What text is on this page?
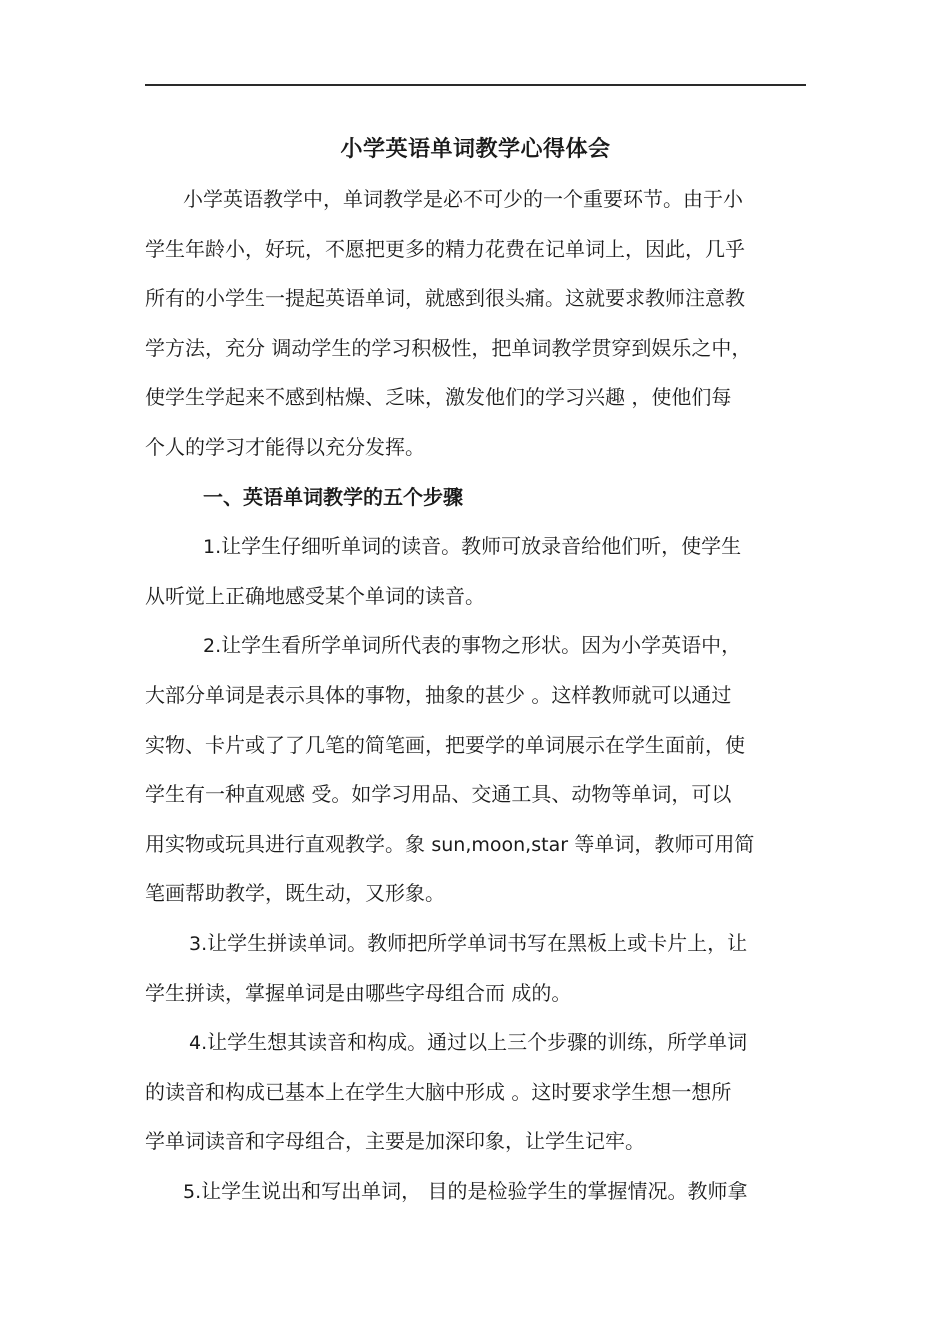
小学英语单词教学心得体会
小学英语教学中，单词教学是必不可少的一个重要环节。由于小
学生年龄小，好玩，不愿把更多的精力花费在记单词上，因此，几乎
所有的小学生一提起英语单词，就感到很头痛。这就要求教师注意教
学方法，充分 调动学生的学习积极性，把单词教学贯穿到娱乐之中，
使学生学起来不感到枯燥、乏味，激发他们的学习兴趣 ，使他们每
个人的学习才能得以充分发挥。
一、英语单词教学的五个步骤
1.让学生仔细听单词的读音。教师可放录音给他们听，使学生
从听觉上正确地感受某个单词的读音。
2.让学生看所学单词所代表的事物之形状。因为小学英语中，
大部分单词是表示具体的事物，抽象的甚少 。这样教师就可以通过
实物、卡片或了了几笔的简笔画，把要学的单词展示在学生面前，使
学生有一种直观感 受。如学习用品、交通工具、动物等单词，可以
用实物或玩具进行直观教学。象 sun,moon,star 等单词，教师可用简
笔画帮助教学，既生动，又形象。
3.让学生拼读单词。教师把所学单词书写在黑板上或卡片上，让
学生拼读，掌握单词是由哪些字母组合而 成的。
4.让学生想其读音和构成。通过以上三个步骤的训练，所学单词
的读音和构成已基本上在学生大脑中形成 。这时要求学生想一想所
学单词读音和字母组合，主要是加深印象，让学生记牢。
5.让学生说出和写出单词， 目的是检验学生的掌握情况。教师拿
